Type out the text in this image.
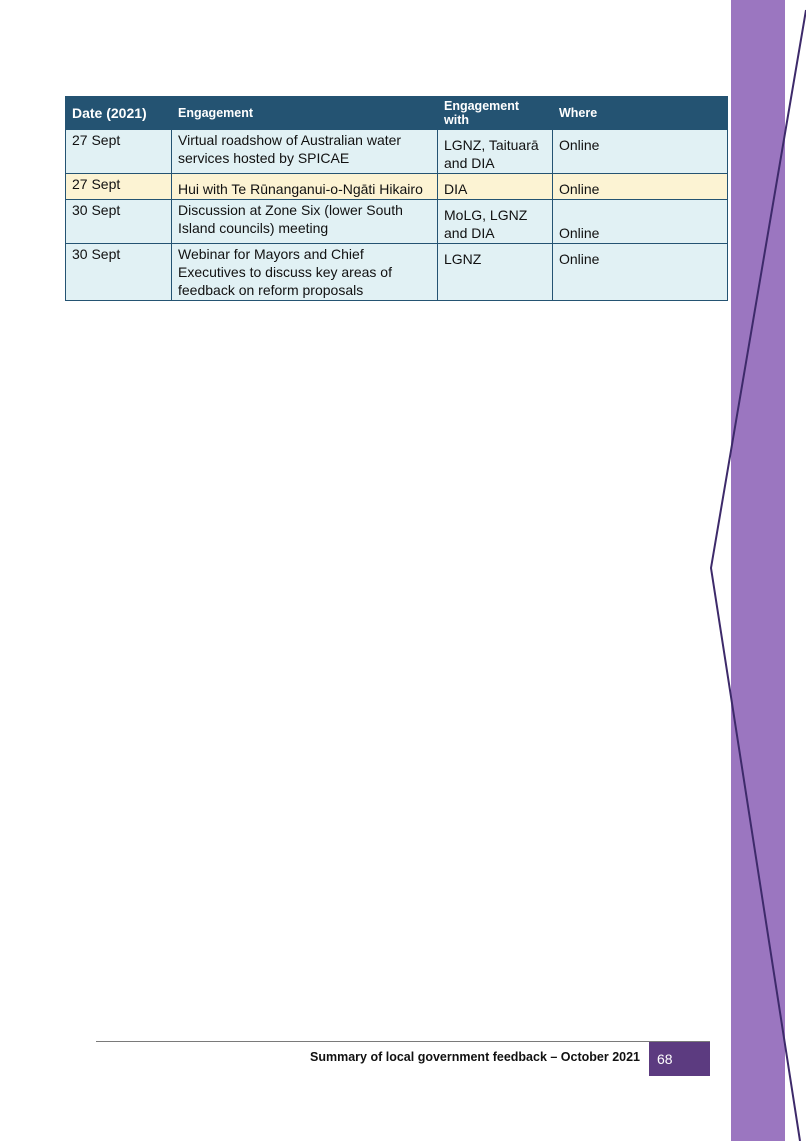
Date (2021)	Engagement	Engagement with	Where
27 Sept	Virtual roadshow of Australian water services hosted by SPICAE	LGNZ, Taituarā and DIA	Online
27 Sept	Hui with Te Rūnanganui-o-Ngāti Hikairo	DIA	Online
30 Sept	Discussion at Zone Six (lower South Island councils) meeting	MoLG, LGNZ and DIA	Online
30 Sept	Webinar for Mayors and Chief Executives to discuss key areas of feedback on reform proposals	LGNZ	Online
Summary of local government feedback – October 2021	68
